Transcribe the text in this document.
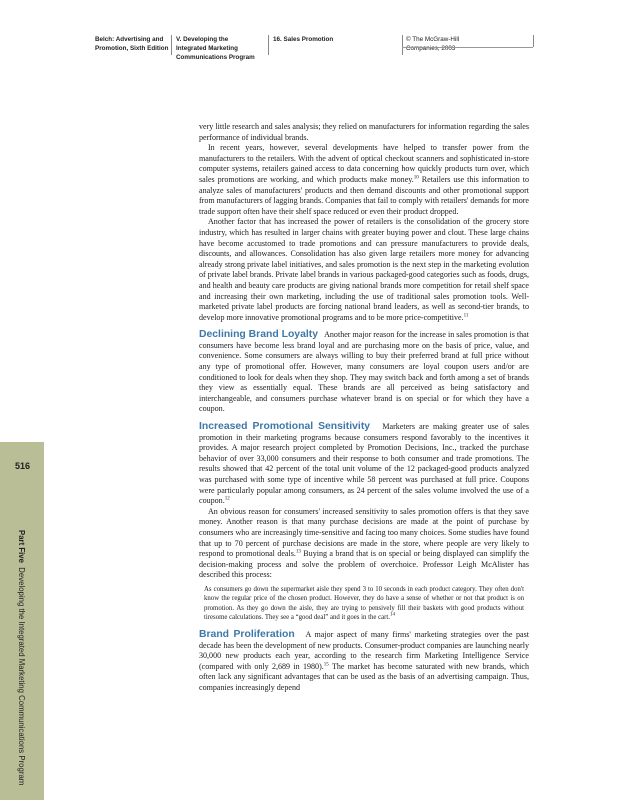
Belch: Advertising and
Promotion, Sixth Edition
V. Developing the
Integrated Marketing
Communications Program
16. Sales Promotion	© The McGraw-Hill
Companies, 2003
516
Part Five  Developing the Integrated Marketing Communications Program

very little research and sales analysis; they relied on manufacturers for information regarding the sales performance of individual brands.

In recent years, however, several developments have helped to transfer power from the manufacturers to the retailers. With the advent of optical checkout scanners and sophisticated in-store computer systems, retailers gained access to data concerning how quickly products turn over, which sales promotions are working, and which products make money.$^{10}$ Retailers use this information to analyze sales of manufacturers' products and then demand discounts and other promotional support from manufacturers of lagging brands. Companies that fail to comply with retailers' demands for more trade support often have their shelf space reduced or even their product dropped.

Another factor that has increased the power of retailers is the consolidation of the grocery store industry, which has resulted in larger chains with greater buying power and clout. These large chains have become accustomed to trade promotions and can pressure manufacturers to provide deals, discounts, and allowances. Consolidation has also given large retailers more money for advancing already strong private label initiatives, and sales promotion is the next step in the marketing evolution of private label brands. Private label brands in various packaged-good categories such as foods, drugs, and health and beauty care products are giving national brands more competition for retail shelf space and increasing their own marketing, including the use of traditional sales promotion tools. Well-marketed private label products are forcing national brand leaders, as well as second-tier brands, to develop more innovative promotional programs and to be more price-competitive.$^{11}$

Declining Brand Loyalty Another major reason for the increase in sales promotion is that consumers have become less brand loyal and are purchasing more on the basis of price, value, and convenience. Some consumers are always willing to buy their preferred brand at full price without any type of promotional offer. However, many consumers are loyal coupon users and/or are conditioned to look for deals when they shop. They may switch back and forth among a set of brands they view as essentially equal. These brands are all perceived as being satisfactory and interchangeable, and consumers purchase whatever brand is on special or for which they have a coupon.

Increased Promotional Sensitivity Marketers are making greater use of sales promotion in their marketing programs because consumers respond favorably to the incentives it provides. A major research project completed by Promotion Decisions, Inc., tracked the purchase behavior of over 33,000 consumers and their response to both consumer and trade promotions. The results showed that 42 percent of the total unit volume of the 12 packaged-good products analyzed was purchased with some type of incentive while 58 percent was purchased at full price. Coupons were particularly popular among consumers, as 24 percent of the sales volume involved the use of a coupon.$^{12}$

An obvious reason for consumers' increased sensitivity to sales promotion offers is that they save money. Another reason is that many purchase decisions are made at the point of purchase by consumers who are increasingly time-sensitive and facing too many choices. Some studies have found that up to 70 percent of purchase decisions are made in the store, where people are very likely to respond to promotional deals.$^{13}$ Buying a brand that is on special or being displayed can simplify the decision-making process and solve the problem of overchoice. Professor Leigh McAlister has described this process:

As consumers go down the supermarket aisle they spend 3 to 10 seconds in each product category. They often don't know the regular price of the chosen product. However, they do have a sense of whether or not that product is on promotion. As they go down the aisle, they are trying to pensively fill their baskets with good products without tiresome calculations. They see a “good deal” and it goes in the cart.$^{14}$

Brand Proliferation A major aspect of many firms' marketing strategies over the past decade has been the development of new products. Consumer-product companies are launching nearly 30,000 new products each year, according to the research firm Marketing Intelligence Service (compared with only 2,689 in 1980).$^{15}$ The market has become saturated with new brands, which often lack any significant advantages that can be used as the basis of an advertising campaign. Thus, companies increasingly depend
